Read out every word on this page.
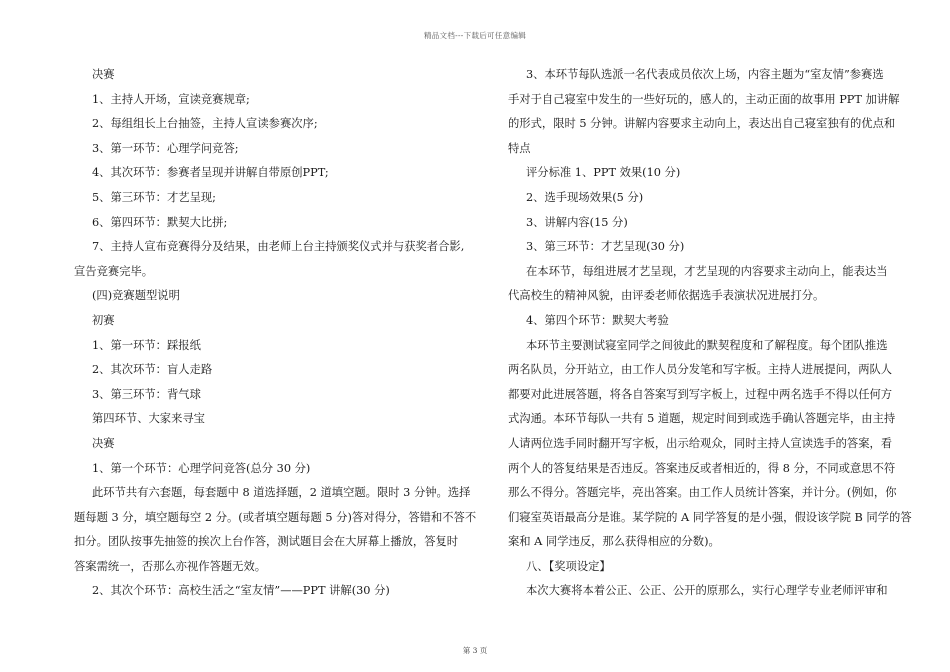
精品文档---下载后可任意编辑

决赛

1、主持人开场，宣读竞赛规章;

2、每组组长上台抽签，主持人宣读参赛次序;

3、第一环节：心理学问竞答;

4、其次环节：参赛者呈现并讲解自带原创PPT;

5、第三环节：才艺呈现;

6、第四环节：默契大比拼;

7、主持人宣布竞赛得分及结果，由老师上台主持颁奖仪式并与获奖者合影,

宣告竞赛完毕。

(四)竞赛题型说明

初赛

1、第一环节：踩报纸

2、其次环节：盲人走路

3、第三环节：背气球

第四环节、大家来寻宝

决赛

1、第一个环节：心理学问竞答(总分 30 分)

此环节共有六套题，每套题中 8 道选择题，2 道填空题。限时 3 分钟。选择

题每题 3 分，填空题每空 2 分。(或者填空题每题 5 分)答对得分，答错和不答不

扣分。团队按事先抽签的挨次上台作答，测试题目会在大屏幕上播放，答复时

答案需统一，否那么亦视作答题无效。

2、其次个环节：高校生活之“室友情”——PPT 讲解(30 分)

3、本环节每队选派一名代表成员依次上场，内容主题为“室友情”参赛选

手对于自己寝室中发生的一些好玩的，感人的，主动正面的故事用 PPT 加讲解

的形式，限时 5 分钟。讲解内容要求主动向上，表达出自己寝室独有的优点和

特点

评分标准 1、PPT 效果(10 分)

2、选手现场效果(5 分)

3、讲解内容(15 分)

3、第三环节：才艺呈现(30 分)

在本环节，每组进展才艺呈现，才艺呈现的内容要求主动向上，能表达当

代高校生的精神风貌，由评委老师依据选手表演状况进展打分。

4、第四个环节：默契大考验

本环节主要测试寝室同学之间彼此的默契程度和了解程度。每个团队推选

两名队员，分开站立，由工作人员分发笔和写字板。主持人进展提问，两队人

都要对此进展答题，将各自答案写到写字板上，过程中两名选手不得以任何方

式沟通。本环节每队一共有 5 道题，规定时间到或选手确认答题完毕，由主持

人请两位选手同时翻开写字板，出示给观众，同时主持人宣读选手的答案，看

两个人的答复结果是否违反。答案违反或者相近的，得 8 分，不同或意思不符

那么不得分。答题完毕，亮出答案。由工作人员统计答案，并计分。(例如，你

们寝室英语最高分是谁。某学院的 A 同学答复的是小强，假设该学院 B 同学的答

案和 A 同学违反，那么获得相应的分数)。

八、【奖项设定】

本次大赛将本着公正、公正、公开的原那么，实行心理学专业老师评审和

第 3 页
